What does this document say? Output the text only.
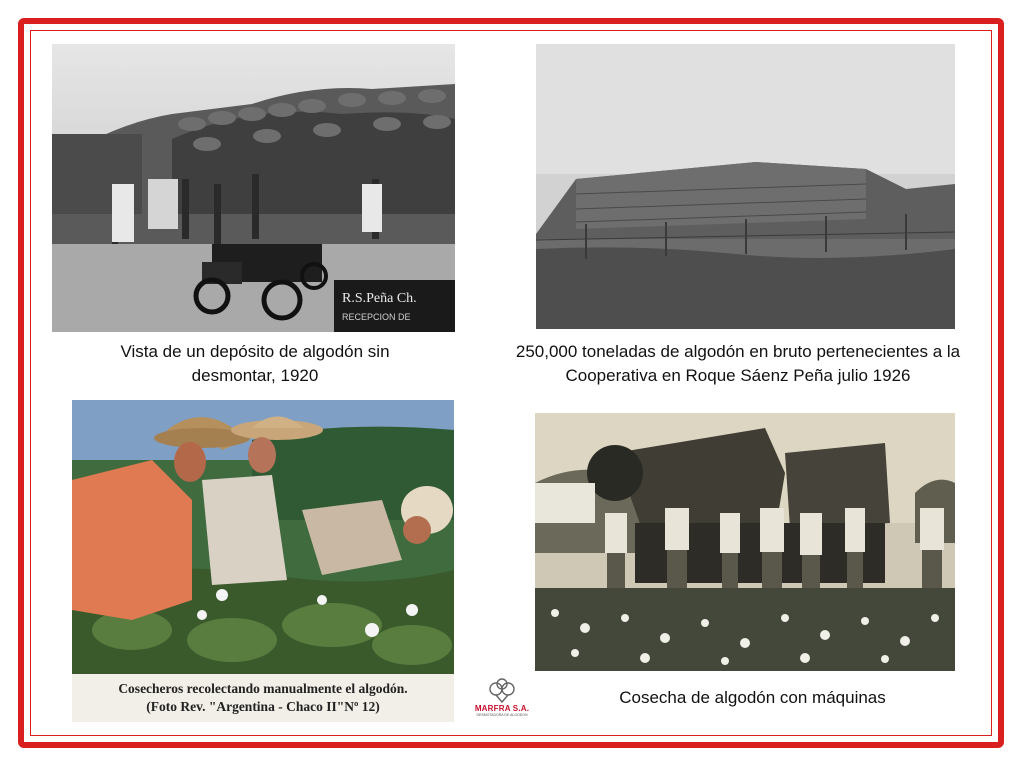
R.S.Peña Ch.
RECEPCION DE
Vista de un depósito de algodón sin
desmontar, 1920
250,000 toneladas de algodón en bruto pertenecientes a la
Cooperativa en Roque Sáenz Peña julio 1926
Cosecheros recolectando manualmente el algodón.
(Foto Rev. "Argentina - Chaco II"Nº 12)	Cosecha de algodón con máquinas
MARFRA S.A.
DESMOTADORA DE ALGODON
